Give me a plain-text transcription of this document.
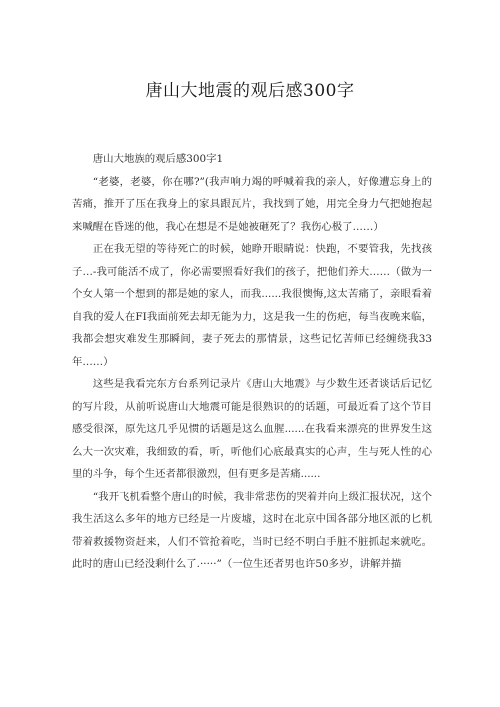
唐山大地震的观后感300字

唐山大地族的观后感300字1

“老婆，老婆，你在哪?”(我声响力竭的呼喊着我的亲人，好像遭忘身上的苦痛，推开了压在我身上的家具跟瓦片，我找到了她，用完全身力气把她抱起来喊醒在昏迷的他，我心在想是不是她被砸死了？我伤心极了……）

正在我无望的等待死亡的时候，她睁开眼睛说：快跑，不要管我，先找孩子…-我可能活不成了，你必需要照看好我们的孩子，把他们养大……（做为一个女人第一个想到的都是她的家人，而我......我很懊悔,这太苦痛了，亲眼看着自我的爱人在FI我面前死去却无能为力，这是我一生的伤疤，每当夜晚来临，我都会想灾难发生那瞬间，妻子死去的那情景，这些记忆苦师已经缠绕我33年……）

这些是我看完东方台系列记录片《唐山大地震》与少数生还者谈话后记忆的写片段，从前听说唐山大地震可能是很熟识的的话题，可最近看了这个节目感受很深，原先这几乎见惯的话题是这么血腥......在我看来漂亮的世界发生这么大一次灾难，我细致的看，听，听他们心底最真实的心声，生与死人性的心里的斗争，每个生还者都很激烈，但有更多是苦痛......

“我开飞机看整个唐山的时候，我非常悲伤的哭着并向上级汇报状况，这个我生活这么多年的地方已经是一片废墟，这时在北京中国各部分地区派的匕机带着救援物资赶来，人们不管抢着吃，当时已经不明白手脏不脏抓起来就吃。此时的唐山已经没剩什么了.·····”（一位生还者男也许50多岁，讲解并描
